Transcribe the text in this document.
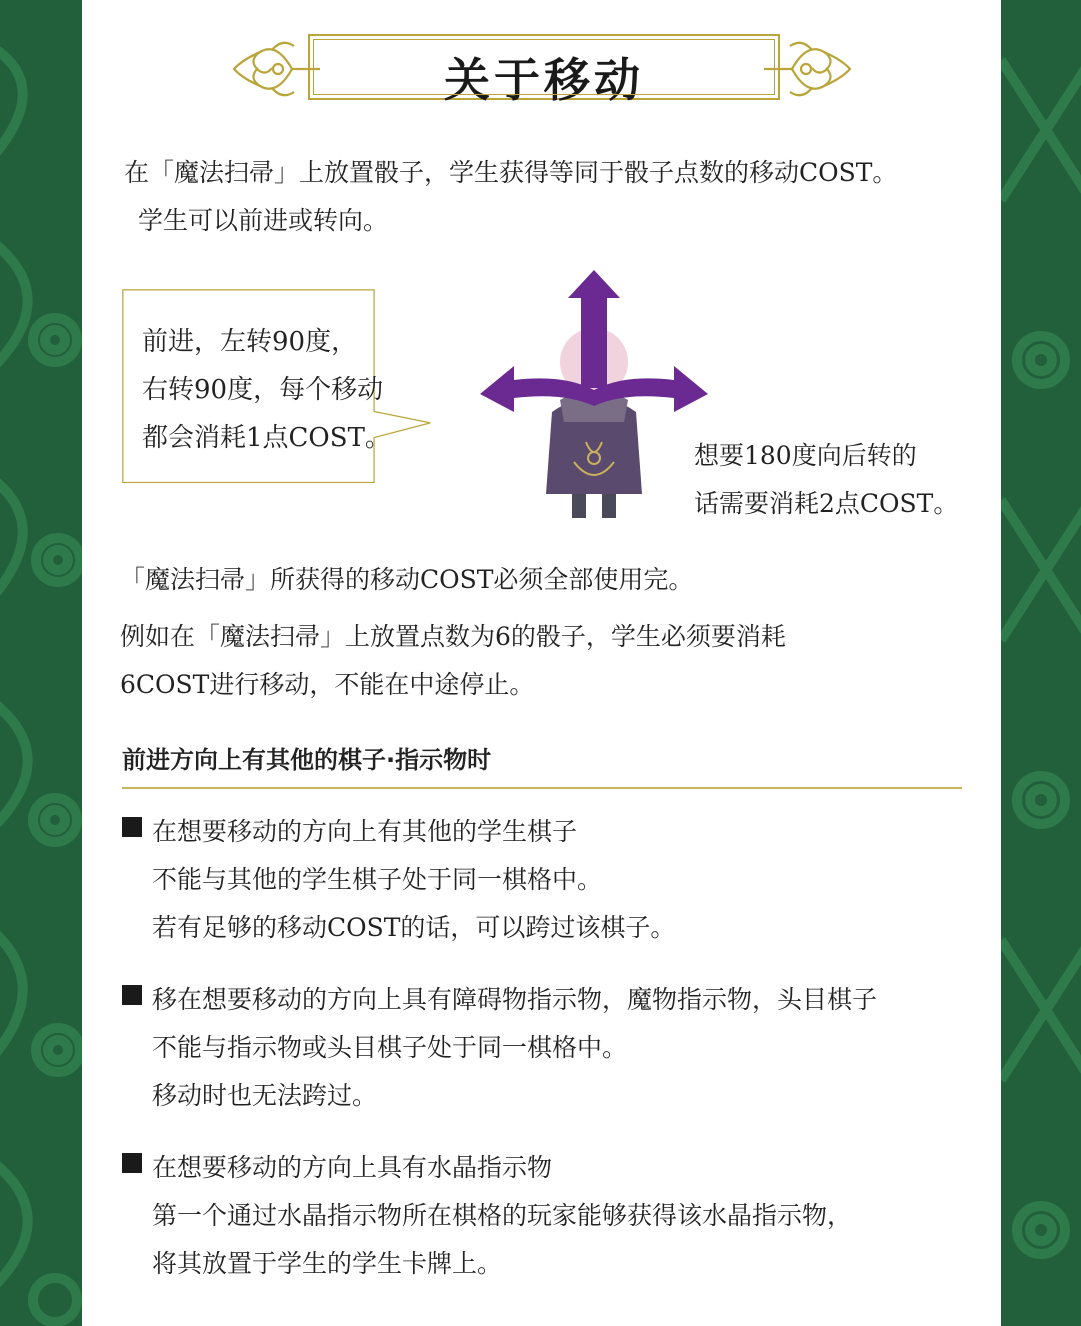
关于移动

在「魔法扫帚」上放置骰子，学生获得等同于骰子点数的移动COST。

学生可以前进或转向。

前进，左转90度，
右转90度，每个移动
都会消耗1点COST。
想要180度向后转的
话需要消耗2点COST。

「魔法扫帚」所获得的移动COST必须全部使用完。

例如在「魔法扫帚」上放置点数为6的骰子，学生必须要消耗

6COST进行移动，不能在中途停止。

前进方向上有其他的棋子·指示物时
在想要移动的方向上有其他的学生棋子
不能与其他的学生棋子处于同一棋格中。
若有足够的移动COST的话，可以跨过该棋子。
移在想要移动的方向上具有障碍物指示物，魔物指示物，头目棋子
不能与指示物或头目棋子处于同一棋格中。
移动时也无法跨过。
在想要移动的方向上具有水晶指示物
第一个通过水晶指示物所在棋格的玩家能够获得该水晶指示物，
将其放置于学生的学生卡牌上。
